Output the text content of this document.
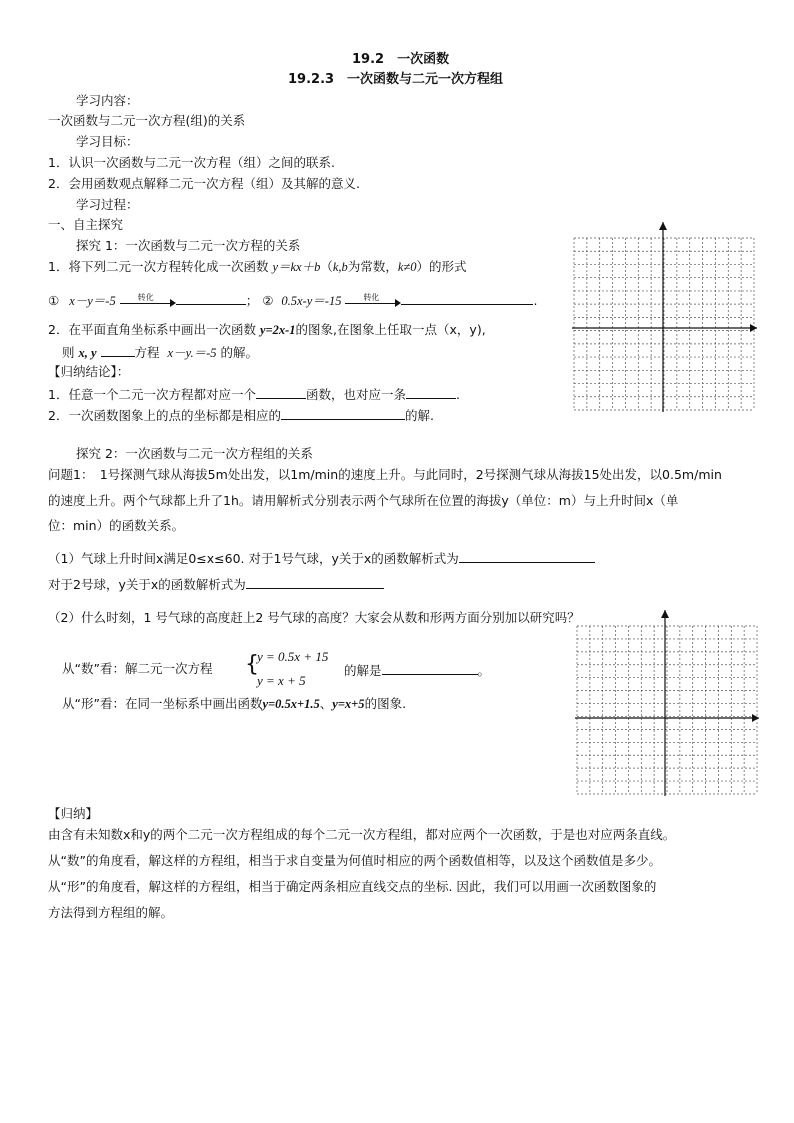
19.2　一次函数
19.2.3　一次函数与二元一次方程组
学习内容：
一次函数与二元一次方程(组)的关系
学习目标：
1．认识一次函数与二元一次方程（组）之间的联系.
2．会用函数观点解释二元一次方程（组）及其解的意义.
学习过程：
一、自主探究
探究 1：一次函数与二元一次方程的关系
1．将下列二元一次方程转化成一次函数 y＝kx＋b（k,b为常数，k≠0）的形式
① x－y＝-5	转化	； ② 0.5x-y＝-15	转化	.
2．在平面直角坐标系中画出一次函数 y=2x-1的图象,在图象上任取一点（x，y),
则 x, y	方程 x－y.＝-5 的解。
【归纳结论】：
1．任意一个二元一次方程都对应一个	函数，也对应一条	.
2．一次函数图象上的点的坐标都是相应的	的解.
探究 2：一次函数与二元一次方程组的关系
问题1：　1号探测气球从海拔5m处出发，以1m/min的速度上升。与此同时，2号探测气球从海拔15处出发，以0.5m/min
的速度上升。两个气球都上升了1h。请用解析式分别表示两个气球所在位置的海拔y（单位：m）与上升时间x（单
位：min）的函数关系。
（1）气球上升时间x满足0≤x≤60. 对于1号气球，y关于x的函数解析式为
对于2号球，y关于x的函数解析式为
（2）什么时刻，1 号气球的高度赶上2 号气球的高度？大家会从数和形两方面分别加以研究吗？
从“数”看：解二元一次方程 {
y = 0.5x + 15
y = x + 5
的解是	。
从“形”看：在同一坐标系中画出函数y=0.5x+1.5、y=x+5的图象.
【归纳】
由含有未知数x和y的两个二元一次方程组成的每个二元一次方程组，都对应两个一次函数，于是也对应两条直线。
从“数”的角度看，解这样的方程组，相当于求自变量为何值时相应的两个函数值相等，以及这个函数值是多少。
从“形”的角度看，解这样的方程组，相当于确定两条相应直线交点的坐标. 因此，我们可以用画一次函数图象的
方法得到方程组的解。
